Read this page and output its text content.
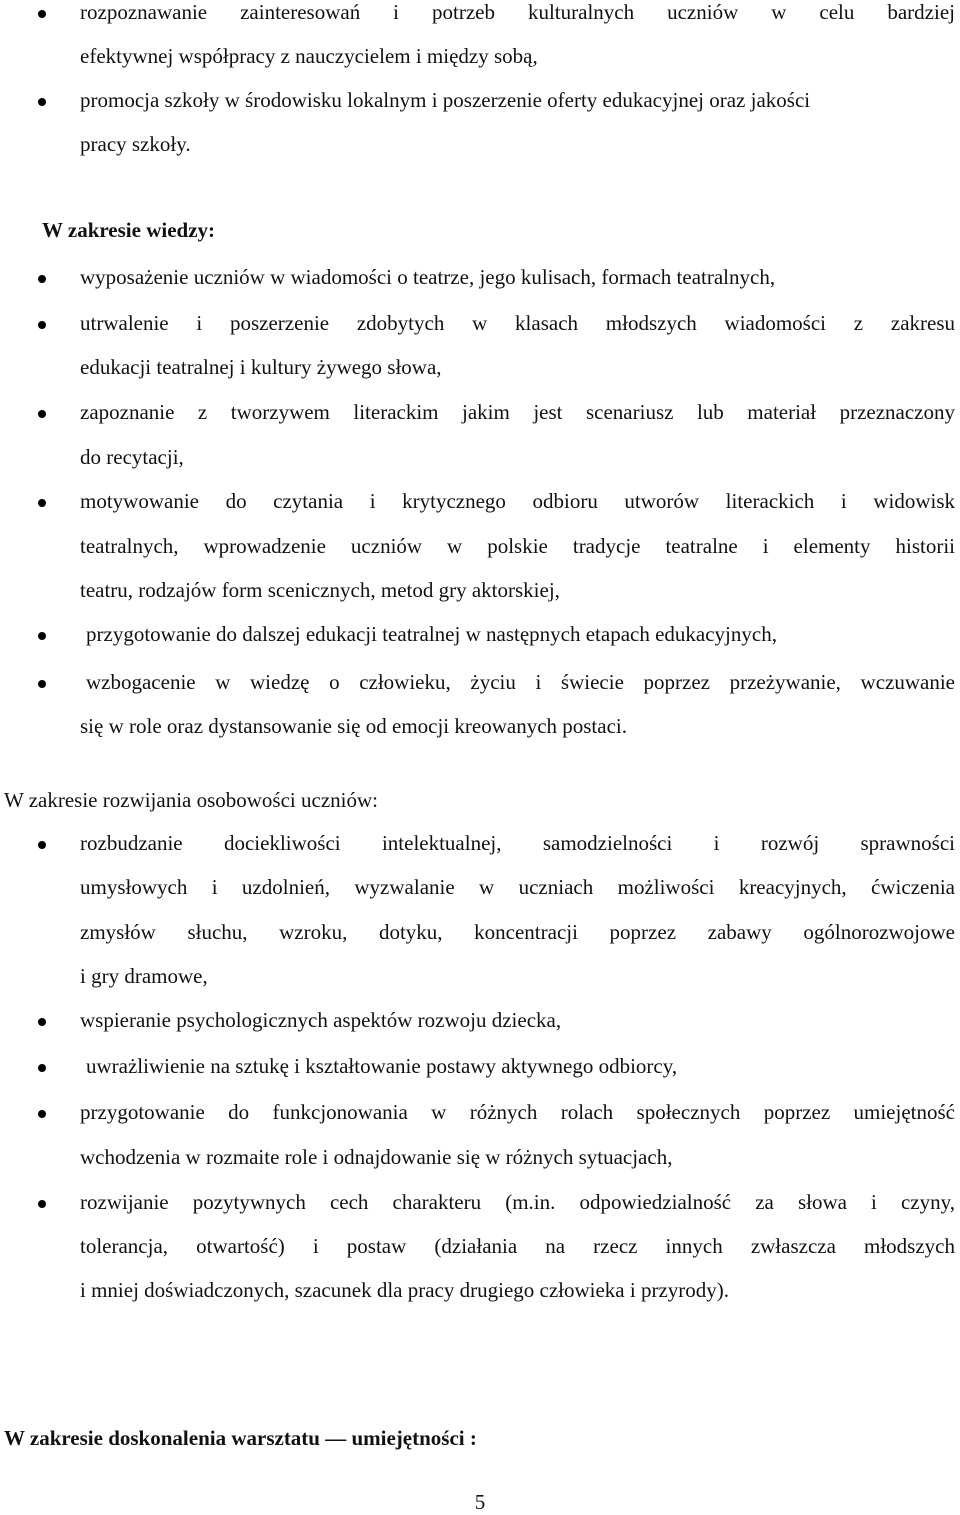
rozpoznawanie zainteresowań i potrzeb kulturalnych uczniów w celu bardziej
efektywnej współpracy z nauczycielem i między sobą,
promocja szkoły w środowisku lokalnym i poszerzenie oferty edukacyjnej oraz jakości
pracy szkoły.
W zakresie wiedzy:
wyposażenie uczniów w wiadomości o teatrze, jego kulisach, formach teatralnych,
utrwalenie i poszerzenie zdobytych w klasach młodszych wiadomości z zakresu
edukacji teatralnej i kultury żywego słowa,
zapoznanie z tworzywem literackim jakim jest scenariusz lub materiał przeznaczony
do recytacji,
motywowanie do czytania i krytycznego odbioru utworów literackich i widowisk
teatralnych, wprowadzenie uczniów w polskie tradycje teatralne i elementy historii
teatru, rodzajów form scenicznych, metod gry aktorskiej,
przygotowanie do dalszej edukacji teatralnej w następnych etapach edukacyjnych,
wzbogacenie w wiedzę o człowieku, życiu i świecie poprzez przeżywanie, wczuwanie
się w role oraz dystansowanie się od emocji kreowanych postaci.
W zakresie rozwijania osobowości uczniów:
rozbudzanie dociekliwości intelektualnej, samodzielności i rozwój sprawności
umysłowych i uzdolnień, wyzwalanie w uczniach możliwości kreacyjnych, ćwiczenia
zmysłów słuchu, wzroku, dotyku, koncentracji poprzez zabawy ogólnorozwojowe
i gry dramowe,
wspieranie psychologicznych aspektów rozwoju dziecka,
uwrażliwienie na sztukę i kształtowanie postawy aktywnego odbiorcy,
przygotowanie do funkcjonowania w różnych rolach społecznych poprzez umiejętność
wchodzenia w rozmaite role i odnajdowanie się w różnych sytuacjach,
rozwijanie pozytywnych cech charakteru (m.in. odpowiedzialność za słowa i czyny,
tolerancja, otwartość) i postaw (działania na rzecz innych zwłaszcza młodszych
i mniej doświadczonych, szacunek dla pracy drugiego człowieka i przyrody).
W zakresie doskonalenia warsztatu — umiejętności :
5
